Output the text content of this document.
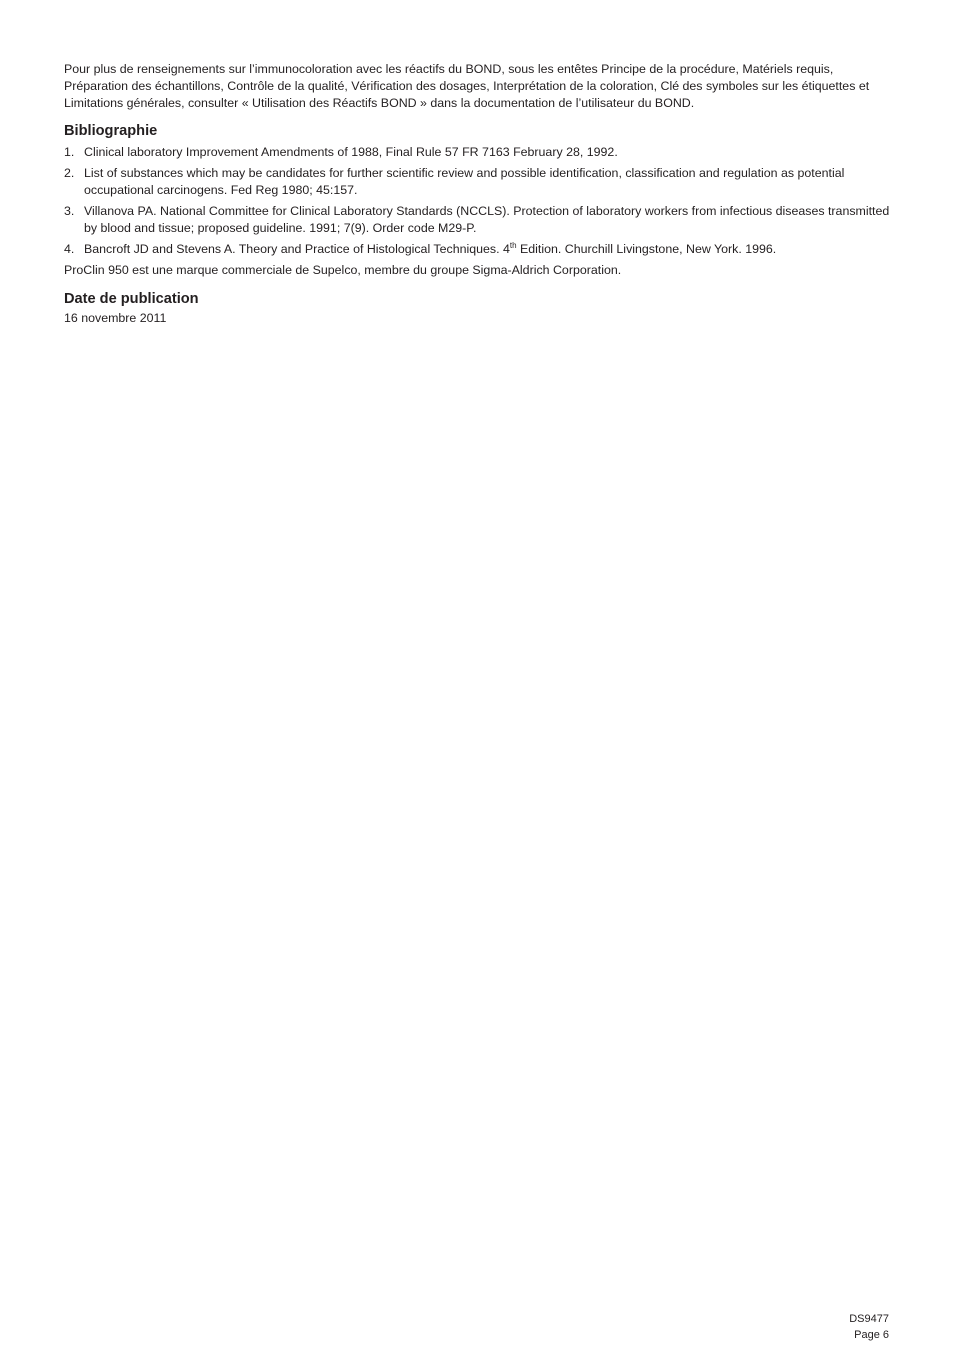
Pour plus de renseignements sur l’immunocoloration avec les réactifs du BOND, sous les entêtes Principe de la procédure, Matériels requis, Préparation des échantillons, Contrôle de la qualité, Vérification des dosages, Interprétation de la coloration, Clé des symboles sur les étiquettes et Limitations générales, consulter « Utilisation des Réactifs BOND » dans la documentation de l’utilisateur du BOND.

Bibliographie
1. Clinical laboratory Improvement Amendments of 1988, Final Rule 57 FR 7163 February 28, 1992.
2. List of substances which may be candidates for further scientific review and possible identification, classification and regulation as potential occupational carcinogens. Fed Reg 1980; 45:157.
3. Villanova PA. National Committee for Clinical Laboratory Standards (NCCLS). Protection of laboratory workers from infectious diseases transmitted by blood and tissue; proposed guideline. 1991; 7(9). Order code M29-P.
4. Bancroft JD and Stevens A. Theory and Practice of Histological Techniques. 4th Edition. Churchill Livingstone, New York. 1996.

ProClin 950 est une marque commerciale de Supelco, membre du groupe Sigma-Aldrich Corporation.

Date de publication

16 novembre 2011

DS9477
Page 6
